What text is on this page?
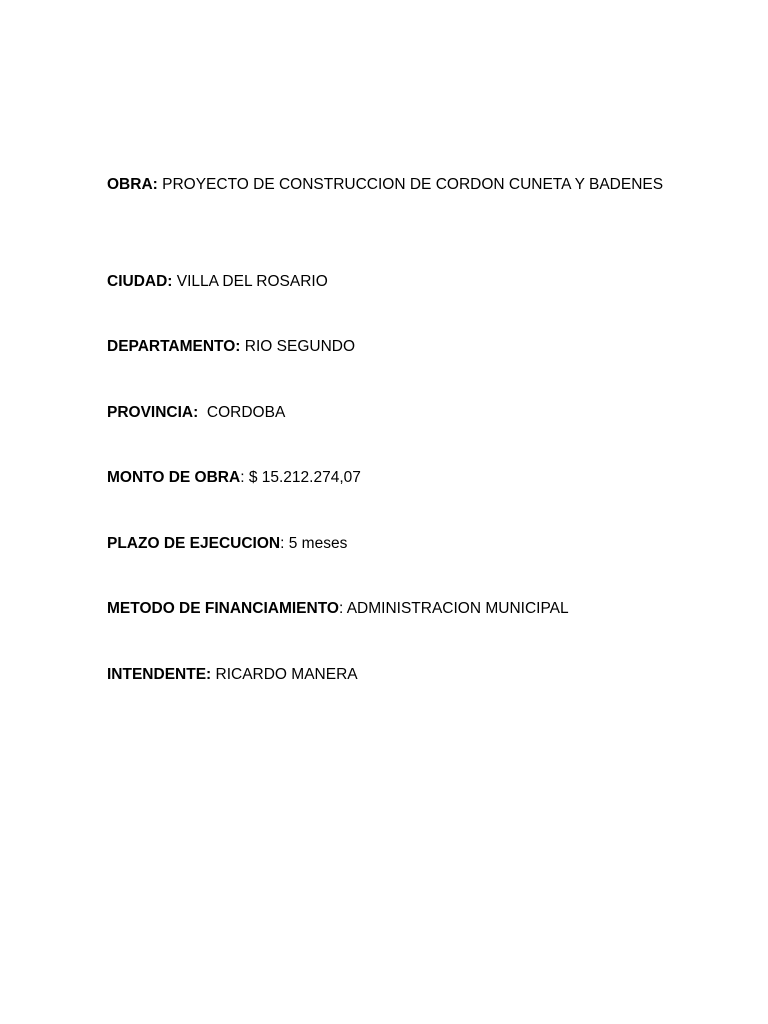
OBRA: PROYECTO DE CONSTRUCCION DE CORDON CUNETA Y BADENES

CIUDAD: VILLA DEL ROSARIO

DEPARTAMENTO: RIO SEGUNDO

PROVINCIA: CORDOBA

MONTO DE OBRA: $ 15.212.274,07

PLAZO DE EJECUCION: 5 meses

METODO DE FINANCIAMIENTO: ADMINISTRACION MUNICIPAL

INTENDENTE: RICARDO MANERA
